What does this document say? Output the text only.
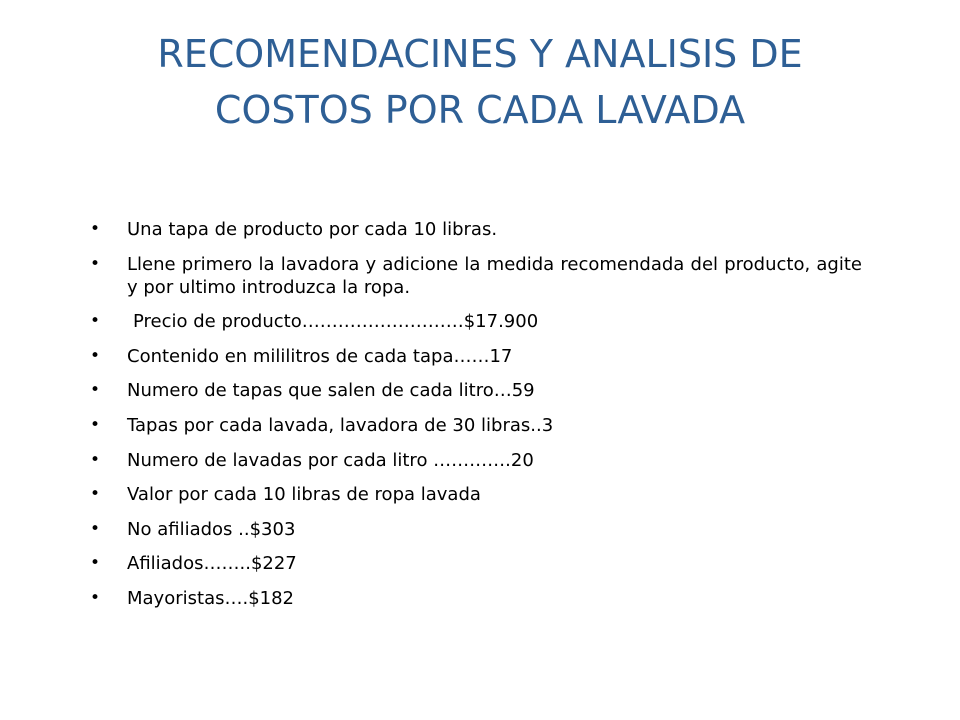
RECOMENDACINES Y ANALISIS DE
COSTOS POR CADA LAVADA
•	Una tapa de producto por cada 10 libras.
•	Llene primero la lavadora y adicione la medida recomendada del producto, agite y por ultimo introduzca la ropa.
•	Precio de producto………………………$17.900
•	Contenido en mililitros de cada tapa……17
•	Numero de tapas que salen de cada litro…59
•	Tapas por cada lavada, lavadora de 30 libras..3
•	Numero de lavadas por cada litro ………….20
•	Valor por cada 10 libras de ropa lavada
•	No afiliados ..$303
•	Afiliados……..$227
•	Mayoristas….$182
